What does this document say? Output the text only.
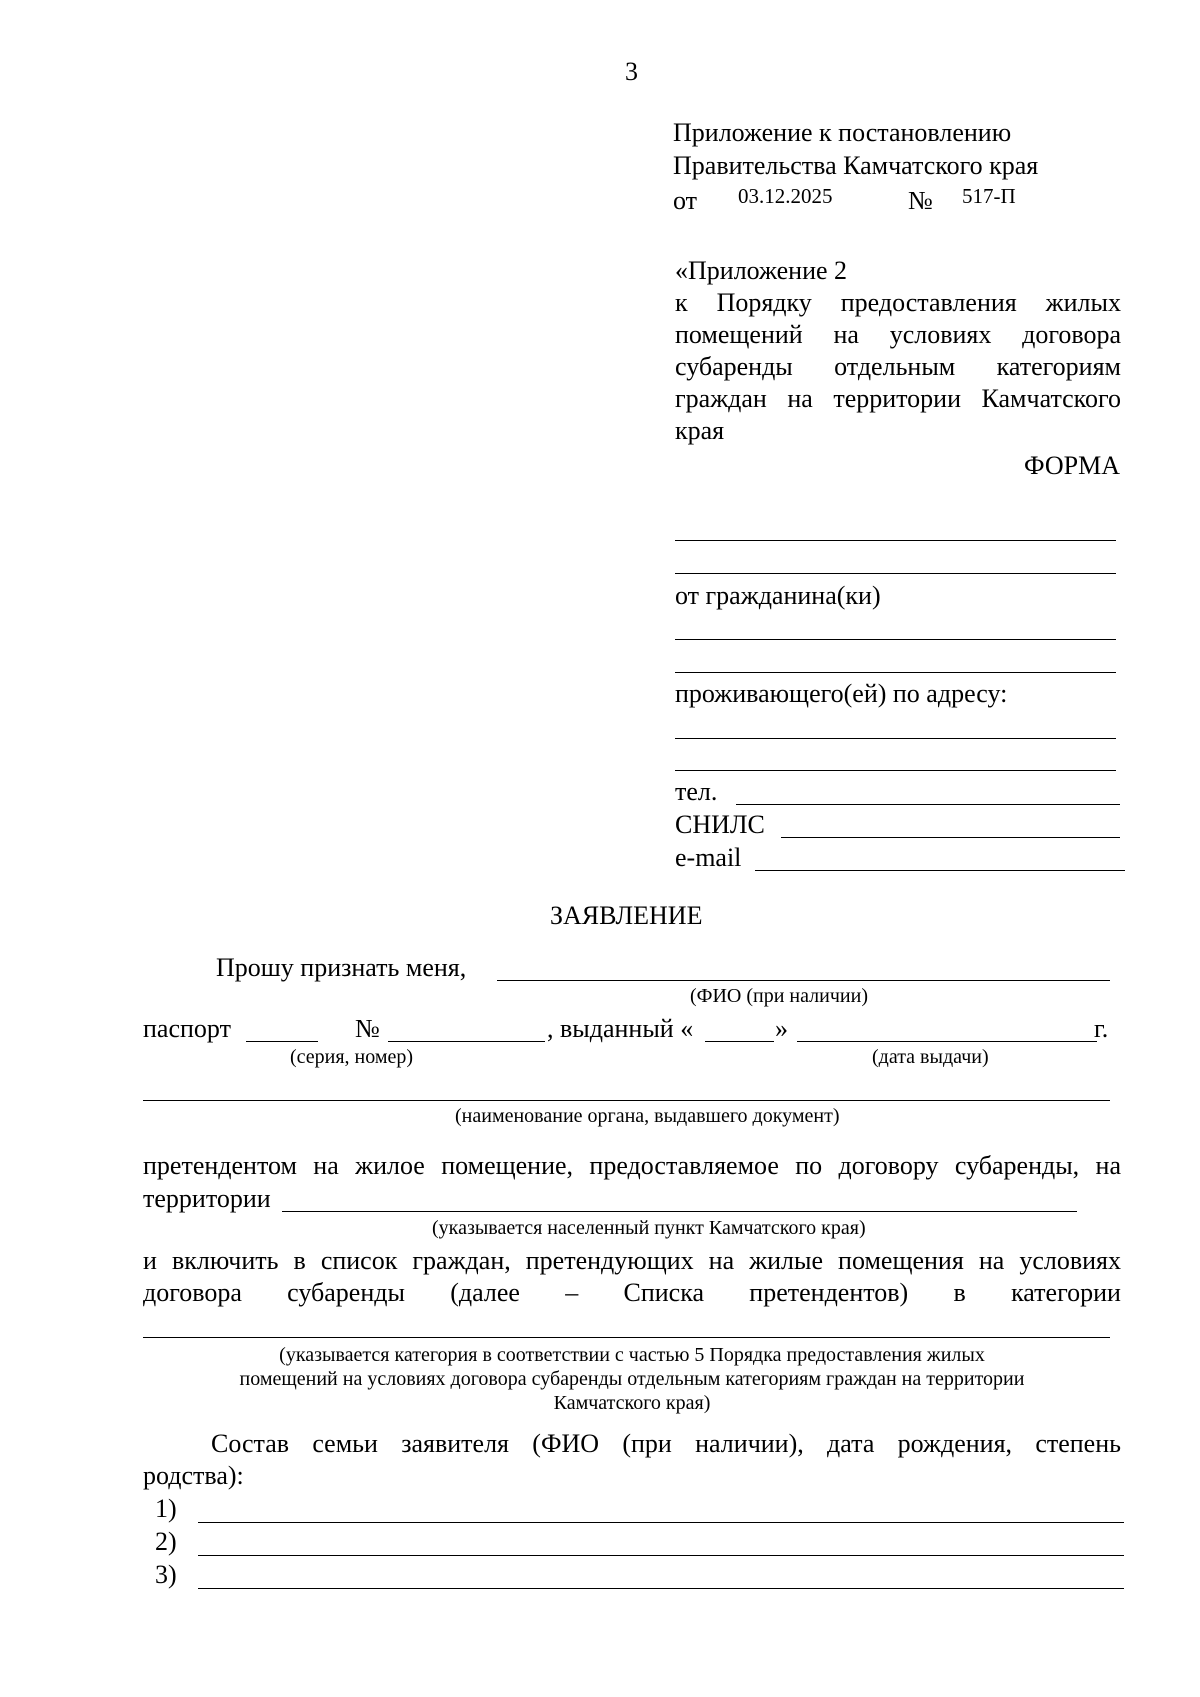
3
Приложение к постановлению
Правительства Камчатского края
от 03.12.2025	№ 517-П
«Приложение 2
к Порядку предоставления жилых
помещений на условиях договора
субаренды отдельным категориям
граждан на территории Камчатского
края
ФОРМА
от гражданина(ки)
проживающего(ей) по адресу:
тел.
СНИЛС
e-mail
ЗАЯВЛЕНИЕ
Прошу признать меня,
(ФИО (при наличии)
паспорт	№	, выданный «	»	г.
(серия, номер)	(дата выдачи)
(наименование органа, выдавшего документ)
претендентом на жилое помещение, предоставляемое по договору субаренды, на
территории
(указывается населенный пункт Камчатского края)
и включить в список граждан, претендующих на жилые помещения на условиях
договора субаренды (далее – Списка претендентов) в категории
(указывается категория в соответствии с частью 5 Порядка предоставления жилых
помещений на условиях договора субаренды отдельным категориям граждан на территории
Камчатского края)
Состав семьи заявителя (ФИО (при наличии), дата рождения, степень
родства):
1)
2)
3)
